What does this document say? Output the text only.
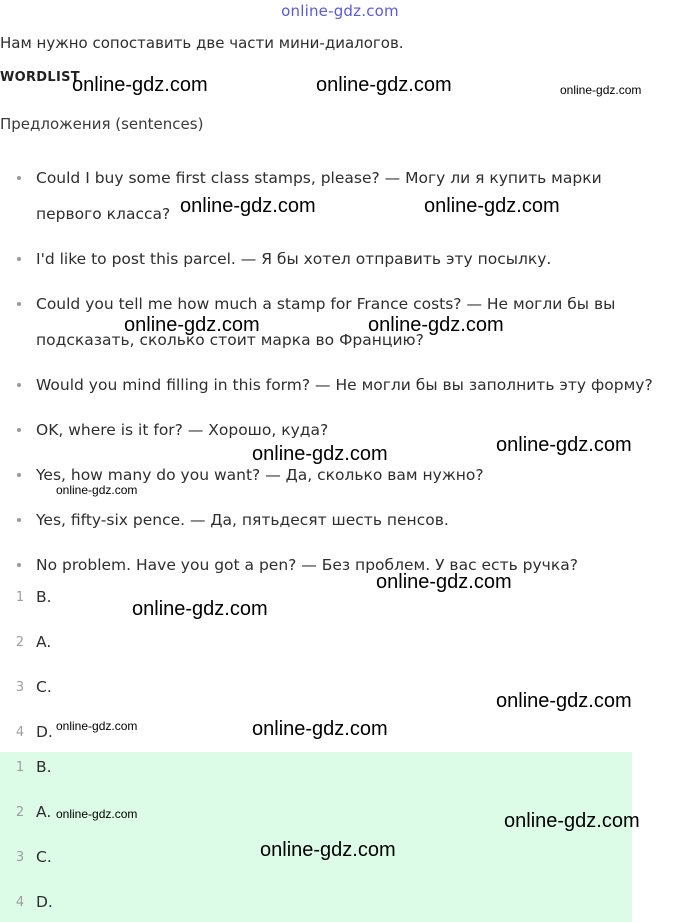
online-gdz.com
Нам нужно сопоставить две части мини-диалогов.
WORDLIST
Предложения (sentences)
Could I buy some first class stamps, please? — Могу ли я купить марки
первого класса?
I'd like to post this parcel. — Я бы хотел отправить эту посылку.
Could you tell me how much a stamp for France costs? — Не могли бы вы
подсказать, сколько стоит марка во Францию?
Would you mind filling in this form? — Не могли бы вы заполнить эту форму?
OK, where is it for? — Хорошо, куда?
Yes, how many do you want? — Да, сколько вам нужно?
Yes, fifty-six pence. — Да, пятьдесят шесть пенсов.
No problem. Have you got a pen? — Без проблем. У вас есть ручка?
1 B.
2 A.
3 C.
4 D.
1 B.
2 A.
3 C.
4 D.
online-gdz.com	online-gdz.com	online-gdz.com
online-gdz.com	online-gdz.com
online-gdz.com	online-gdz.com
online-gdz.com
online-gdz.com
online-gdz.com
online-gdz.com
online-gdz.com
online-gdz.com
online-gdz.com	online-gdz.com
online-gdz.com	online-gdz.com
online-gdz.com
